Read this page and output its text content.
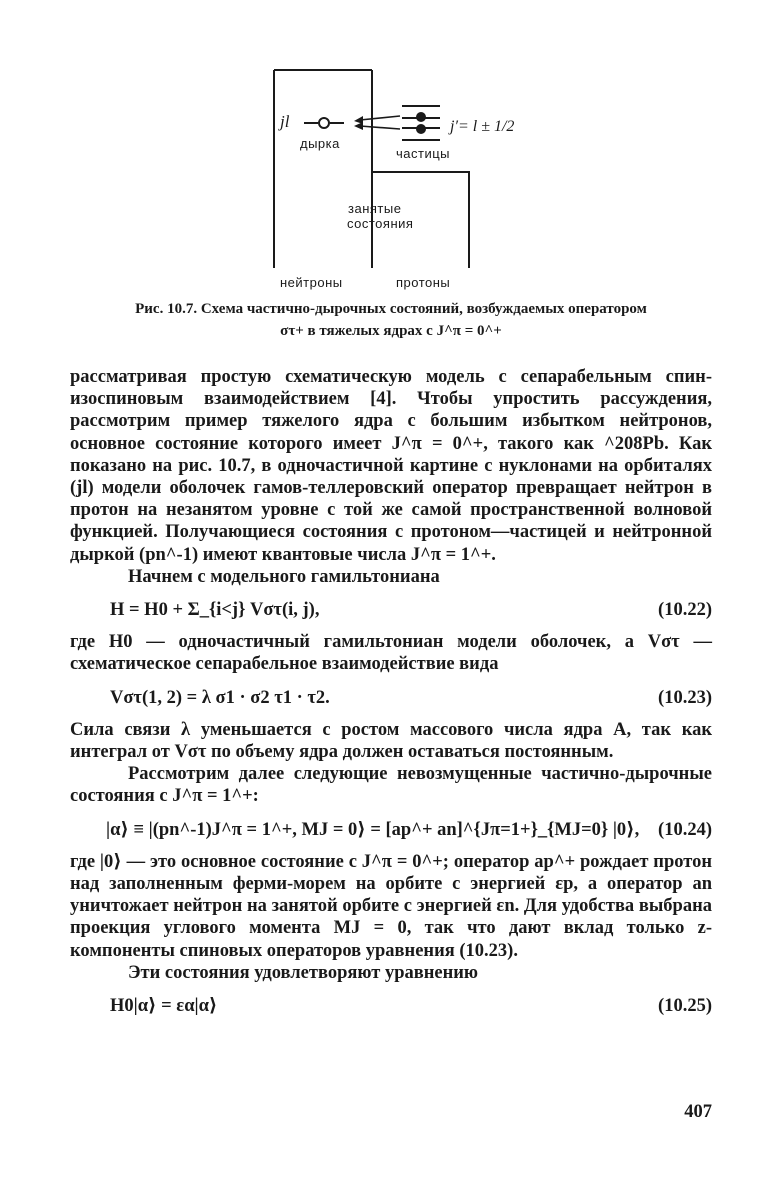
jl
дырка
j′= l ± 1/2
частицы
занятые
состояния
нейтроны	протоны
Рис. 10.7. Схема частично-дырочных состояний, возбуждаемых оператором
στ+ в тяжелых ядрах с J^π = 0^+

рассматривая простую схематическую модель с сепарабельным спин-изоспиновым взаимодействием [4]. Чтобы упростить рассуждения, рассмотрим пример тяжелого ядра с большим избытком нейтронов, основное состояние которого имеет J^π = 0^+, такого как ^208Pb. Как показано на рис. 10.7, в одночастичной картине с нуклонами на орбиталях (jl) модели оболочек гамов-теллеровский оператор превращает нейтрон в протон на незанятом уровне с той же самой пространственной волновой функцией. Получающиеся состояния с протоном—частицей и нейтронной дыркой (pn^-1) имеют квантовые числа J^π = 1^+.

Начнем с модельного гамильтониана

H = H0 + Σ_{i<j} Vστ(i, j),	(10.22)

где H0 — одночастичный гамильтониан модели оболочек, а Vστ — схематическое сепарабельное взаимодействие вида

Vστ(1, 2) = λ σ1 · σ2 τ1 · τ2.	(10.23)

Сила связи λ уменьшается с ростом массового числа ядра A, так как интеграл от Vστ по объему ядра должен оставаться постоянным.

Рассмотрим далее следующие невозмущенные частично-дырочные состояния с J^π = 1^+:

|α⟩ ≡ |(pn^-1)J^π = 1^+, MJ = 0⟩ = [ap^+ an]^{Jπ=1+}_{MJ=0} |0⟩, (10.24)

где |0⟩ — это основное состояние с J^π = 0^+; оператор ap^+ рождает протон над заполненным ферми-морем на орбите с энергией εp, а оператор an уничтожает нейтрон на занятой орбите с энергией εn. Для удобства выбрана проекция углового момента MJ = 0, так что дают вклад только z-компоненты спиновых операторов уравнения (10.23).

Эти состояния удовлетворяют уравнению

H0|α⟩ = εα|α⟩	(10.25)
407
